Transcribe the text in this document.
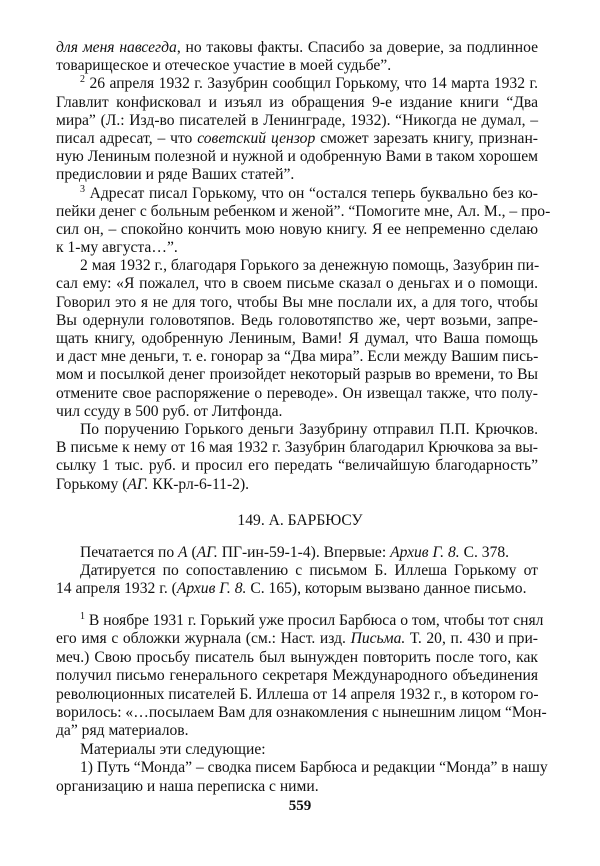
для меня навсегда, но таковы факты. Спасибо за доверие, за подлинное
товарищеское и отеческое участие в моей судьбе”.
$^2$ 26 апреля 1932 г. Зазубрин сообщил Горькому, что 14 марта 1932 г.
Главлит конфисковал и изъял из обращения 9-е издание книги “Два
мира” (Л.: Изд-во писателей в Ленинграде, 1932). “Никогда не думал, –
писал адресат, – что советский цензор сможет зарезать книгу, признан-
ную Лениным полезной и нужной и одобренную Вами в таком хорошем
предисловии и ряде Ваших статей”.
$^3$ Адресат писал Горькому, что он “остался теперь буквально без ко-
пейки денег с больным ребенком и женой”. “Помогите мне, Ал. М., – про-
сил он, – спокойно кончить мою новую книгу. Я ее непременно сделаю
к 1-му августа…”.
2 мая 1932 г., благодаря Горького за денежную помощь, Зазубрин пи-
сал ему: «Я пожалел, что в своем письме сказал о деньгах и о помощи.
Говорил это я не для того, чтобы Вы мне послали их, а для того, чтобы
Вы одернули головотяпов. Ведь головотяпство же, черт возьми, запре-
щать книгу, одобренную Лениным, Вами! Я думал, что Ваша помощь
и даст мне деньги, т. е. гонорар за “Два мира”. Если между Вашим пись-
мом и посылкой денег произойдет некоторый разрыв во времени, то Вы
отмените свое распоряжение о переводе». Он извещал также, что полу-
чил ссуду в 500 руб. от Литфонда.
По поручению Горького деньги Зазубрину отправил П.П. Крючков.
В письме к нему от 16 мая 1932 г. Зазубрин благодарил Крючкова за вы-
сылку 1 тыс. руб. и просил его передать “величайшую благодарность”
Горькому (АГ. КК-рл-6-11-2).
149. А. БАРБЮСУ
Печатается по А (АГ. ПГ-ин-59-1-4). Впервые: Архив Г. 8. С. 378.
Датируется по сопоставлению с письмом Б. Иллеша Горькому от
14 апреля 1932 г. (Архив Г. 8. С. 165), которым вызвано данное письмо.
$^1$ В ноябре 1931 г. Горький уже просил Барбюса о том, чтобы тот снял
его имя с обложки журнала (см.: Наст. изд. Письма. Т. 20, п. 430 и при-
меч.) Свою просьбу писатель был вынужден повторить после того, как
получил письмо генерального секретаря Международного объединения
революционных писателей Б. Иллеша от 14 апреля 1932 г., в котором го-
ворилось: «…посылаем Вам для ознакомления с нынешним лицом “Мон-
да” ряд материалов.
Материалы эти следующие:
1) Путь “Монда” – сводка писем Барбюса и редакции “Монда” в нашу
организацию и наша переписка с ними.
559
